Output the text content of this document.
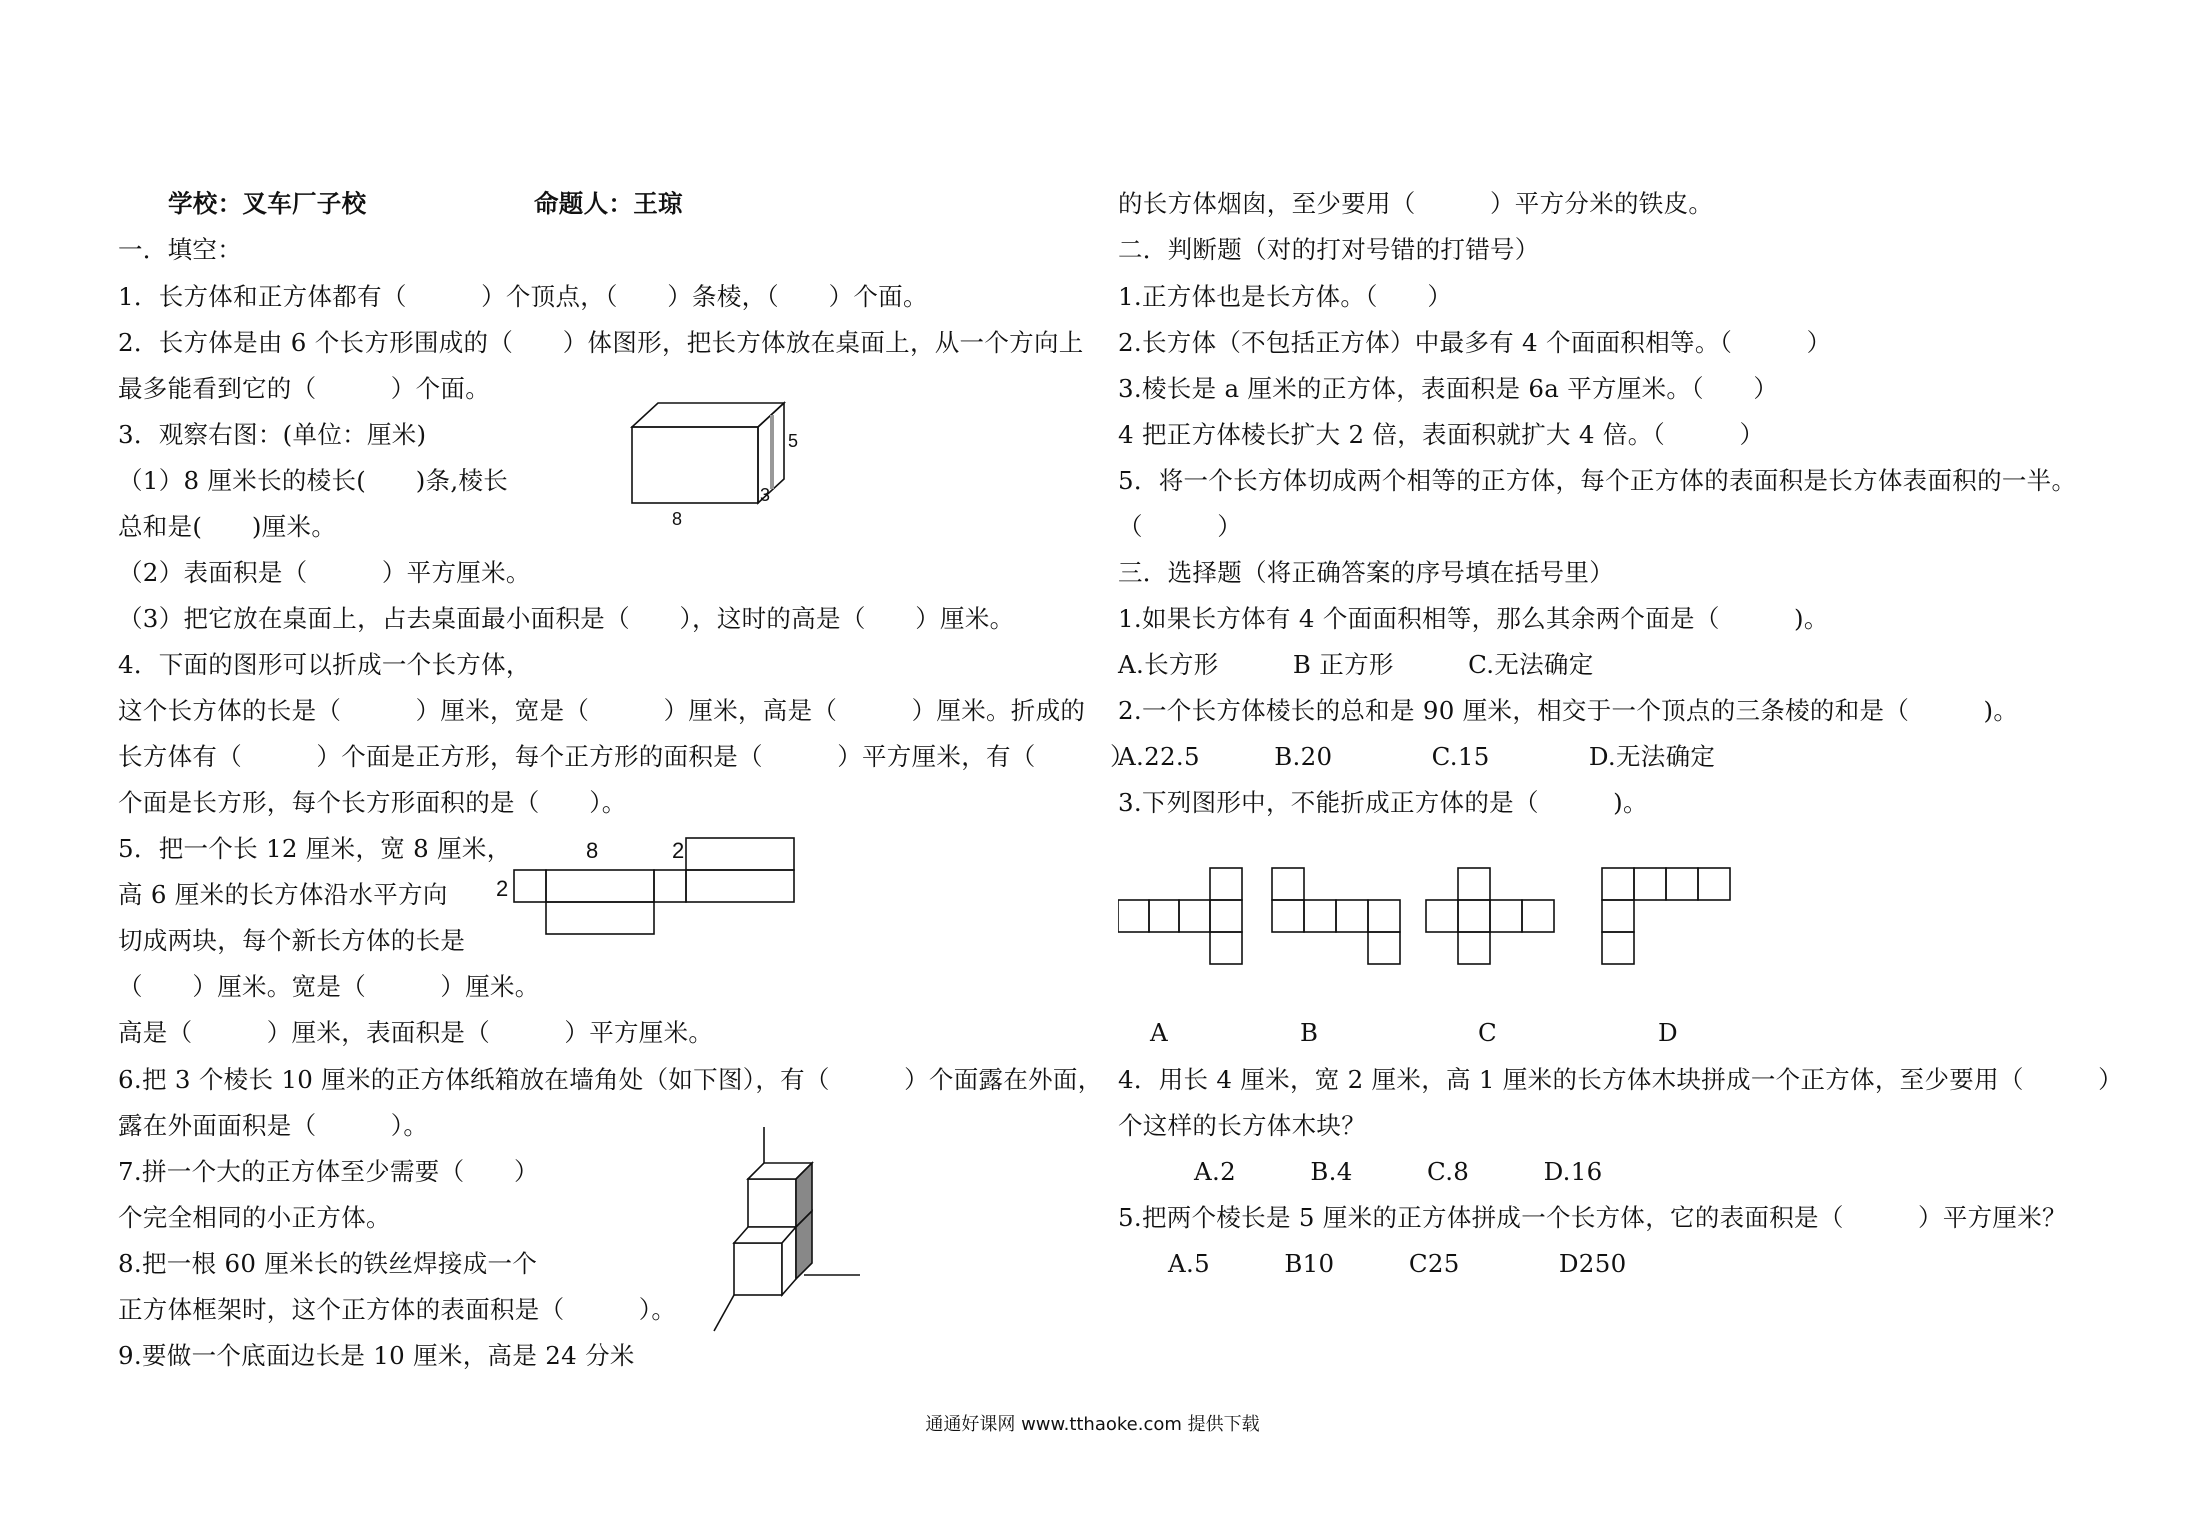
学校：叉车厂子校	命题人：王琼
一．填空：
1．长方体和正方体都有（　　　）个顶点，（　　）条棱，（　　）个面。
2．长方体是由 6 个长方形围成的（　　）体图形，把长方体放在桌面上，从一个方向上
最多能看到它的（　　　）个面。
3．观察右图：(单位：厘米)
（1）8 厘米长的棱长(　　)条,棱长
总和是(　　)厘米。
（2）表面积是（　　　）平方厘米。
（3）把它放在桌面上，占去桌面最小面积是（　　），这时的高是（　　）厘米。
4．下面的图形可以折成一个长方体，
这个长方体的长是（　　　）厘米，宽是（　　　）厘米，高是（　　　）厘米。折成的
长方体有（　　　）个面是正方形，每个正方形的面积是（　　　）平方厘米，有（　　　）
个面是长方形，每个长方形面积的是（　　）。
5．把一个长 12 厘米，宽 8 厘米，
高 6 厘米的长方体沿水平方向
切成两块，每个新长方体的长是
（　　）厘米。宽是（　　　）厘米。
高是（　　　）厘米，表面积是（　　　）平方厘米。
6.把 3 个棱长 10 厘米的正方体纸箱放在墙角处（如下图），有（　　　）个面露在外面，
露在外面面积是（　　　）。
7.拼一个大的正方体至少需要（　　）
个完全相同的小正方体。
8.把一根 60 厘米长的铁丝焊接成一个
正方体框架时，这个正方体的表面积是（　　　）。
9.要做一个底面边长是 10 厘米，高是 24 分米
5
3
8
8	2
2
的长方体烟囱，至少要用（　　　）平方分米的铁皮。
二．判断题（对的打对号错的打错号）
1.正方体也是长方体。（　　）
2.长方体（不包括正方体）中最多有 4 个面面积相等。（　　　）
3.棱长是 a 厘米的正方体，表面积是 6a 平方厘米。（　　）
4 把正方体棱长扩大 2 倍，表面积就扩大 4 倍。（　　　）
5．将一个长方体切成两个相等的正方体，每个正方体的表面积是长方体表面积的一半。
（　　　）
三．选择题（将正确答案的序号填在括号里）
1.如果长方体有 4 个面面积相等，那么其余两个面是（　　　)。
A.长方形　　　B 正方形　　　C.无法确定
2.一个长方体棱长的总和是 90 厘米，相交于一个顶点的三条棱的和是（　　　)。
A.22.5　　　B.20　　　　C.15　　　　D.无法确定
3.下列图形中，不能折成正方体的是（　　　)。
4．用长 4 厘米，宽 2 厘米，高 1 厘米的长方体木块拼成一个正方体，至少要用（　　　）
个这样的长方体木块？
A.2　　　B.4　　　C.8　　　D.16
5.把两个棱长是 5 厘米的正方体拼成一个长方体，它的表面积是（　　　）平方厘米？
A.5　　　B10　　　C25　　　　D250
A	B	C	D
通通好课网 www.tthaoke.com 提供下载
